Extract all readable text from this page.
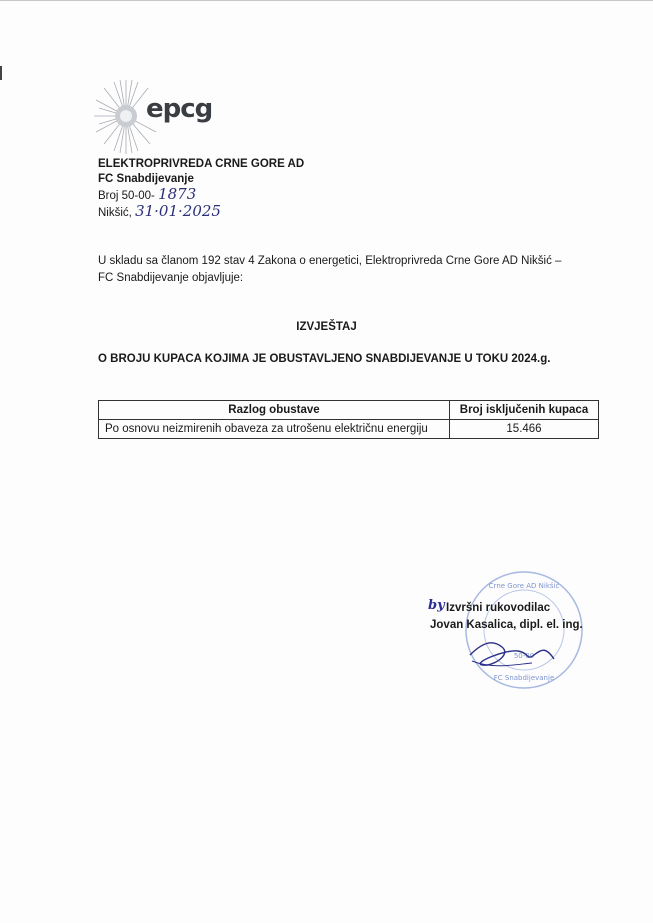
epcg
ELEKTROPRIVREDA CRNE GORE AD
FC Snabdijevanje
Broj 50-00- 1873
Nikšić, 31·01·2025
U skladu sa članom 192 stav 4 Zakona o energetici, Elektroprivreda Crne Gore AD Nikšić – FC Snabdijevanje objavljuje:
IZVJEŠTAJ
O BROJU KUPACA KOJIMA JE OBUSTAVLJENO SNABDIJEVANJE U TOKU 2024.g.
Razlog obustave	Broj isključenih kupaca
Po osnovu neizmirenih obaveza za utrošenu električnu energiju	15.466
Crne Gore AD Nikšić
50-00
FC Snabdijevanje
by Izvršni rukovodilac
Jovan Kasalica, dipl. el. ing.
